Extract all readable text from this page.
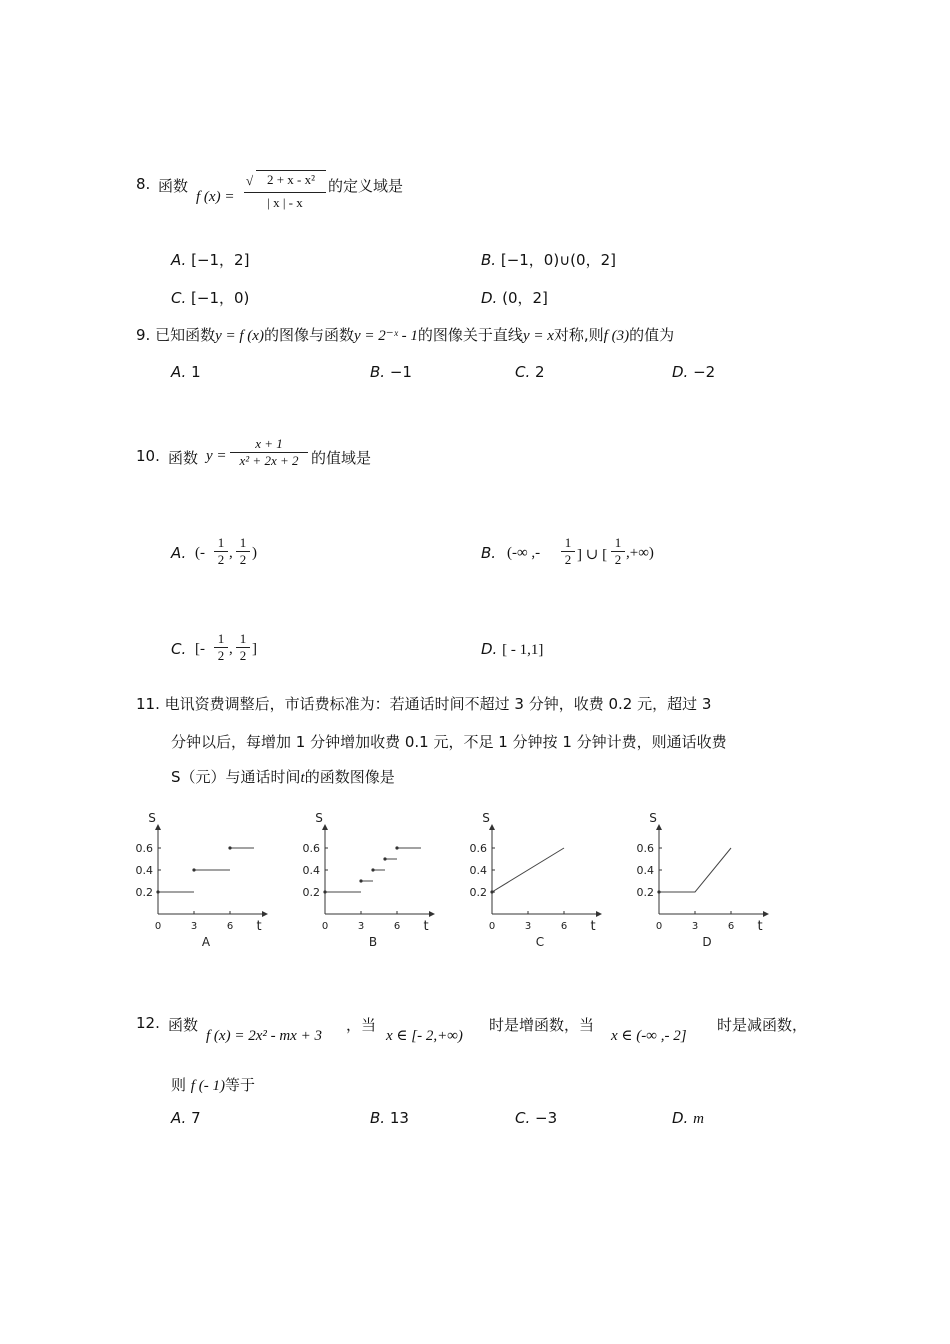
8. 函数
f (x) =
√	2 + x - x²
| x | - x
的定义域是
A. [−1，2]	B. [−1，0)∪(0，2]
C. [−1，0)	D. (0，2]
9. 已知函数y = f (x)的图像与函数y = 2⁻ˣ - 1的图像关于直线y = x对称,则f (3)的值为
A. 1	B. −1	C. 2	D. −2
10. 函数 y =
x + 1
x² + 2x + 2 的值域是
A. (-
1
2 ,
1
2 )	B. (-∞ ,-
1
2 ] ∪ [
1
2 ,+∞)
C. [-
1
2 ,
1
2 ]	D. [ - 1,1]
11. 电讯资费调整后，市话费标准为：若通话时间不超过 3 分钟，收费 0.2 元，超过 3
分钟以后，每增加 1 分钟增加收费 0.1 元，不足 1 分钟按 1 分钟计费，则通话收费
S（元）与通话时间t的函数图像是
S
t
0.2
0.4
0.6
0	3	6
A
S
t
0.2
0.4
0.6
0	3	6
B
S
t
0.2
0.4
0.6
0	3	6
C
S
t
0.2
0.4
0.6
0	3	6
D
12. 函数
f (x) = 2x² - mx + 3
，当
x ∈ [- 2,+∞)
时是增函数，当
x ∈ (-∞ ,- 2]
时是减函数，
则 f (- 1)等于
A. 7	B. 13	C. −3	D. m
